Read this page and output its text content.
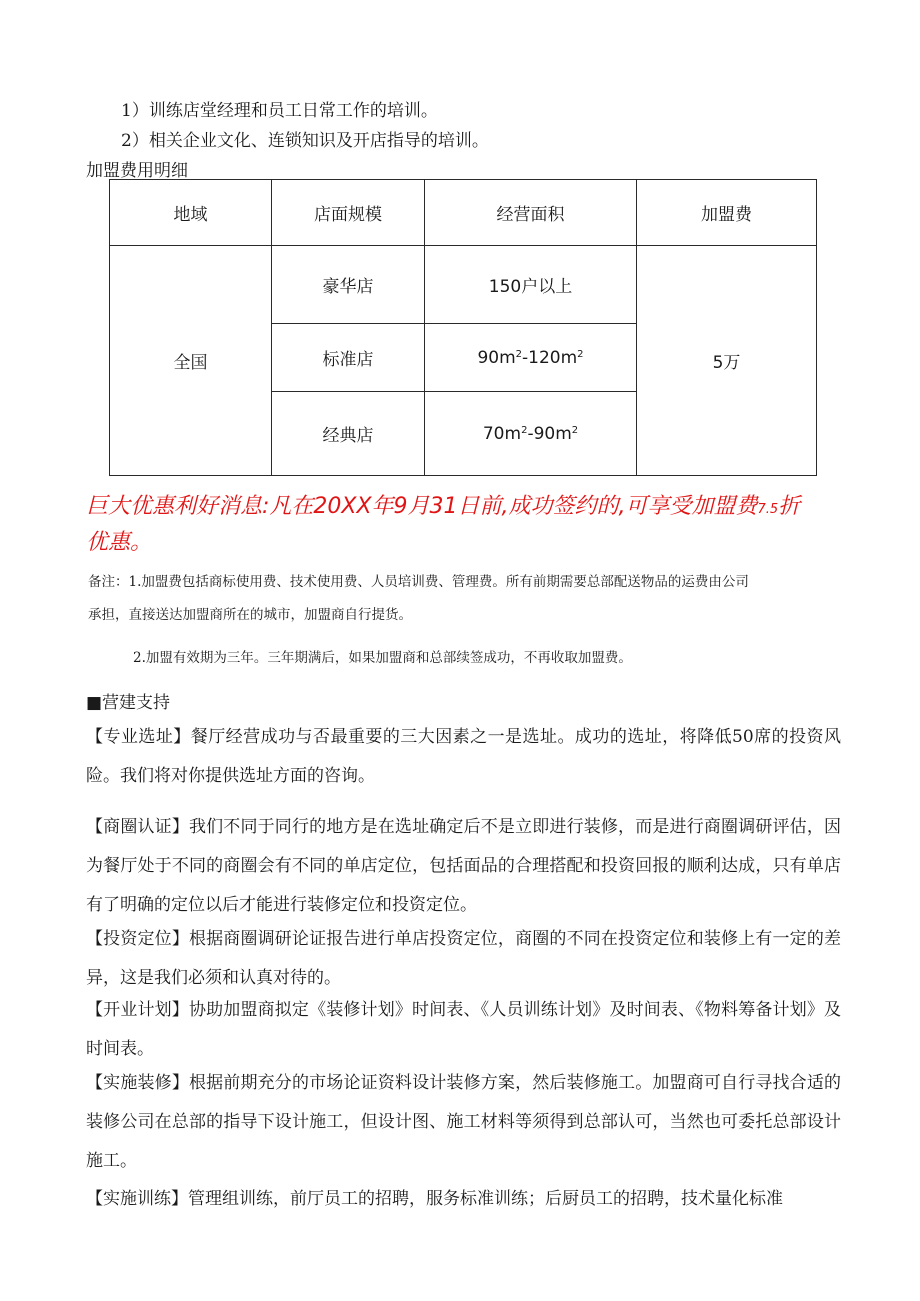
1）训练店堂经理和员工日常工作的培训。
2）相关企业文化、连锁知识及开店指导的培训。
加盟费用明细
地域	店面规模	经营面积	加盟费
全国	豪华店	150户以上	5万
	标准店	$90m^2-120m^2$
	经典店	$70m^2-90m^2$
巨大优惠利好消息:凡在20XX年9月31日前,成功签约的,可享受加盟费7.5折
优惠。
备注：1.加盟费包括商标使用费、技术使用费、人员培训费、管理费。所有前期需要总部配送物品的运费由公司
承担，直接送达加盟商所在的城市，加盟商自行提货。
2.加盟有效期为三年。三年期满后，如果加盟商和总部续签成功，不再收取加盟费。
■营建支持
【专业选址】餐厅经营成功与否最重要的三大因素之一是选址。成功的选址，将降低50席的投资风险。我们将对你提供选址方面的咨询。
【商圈认证】我们不同于同行的地方是在选址确定后不是立即进行装修，而是进行商圈调研评估，因为餐厅处于不同的商圈会有不同的单店定位，包括面品的合理搭配和投资回报的顺利达成，只有单店有了明确的定位以后才能进行装修定位和投资定位。
【投资定位】根据商圈调研论证报告进行单店投资定位，商圈的不同在投资定位和装修上有一定的差异，这是我们必须和认真对待的。
【开业计划】协助加盟商拟定《装修计划》时间表、《人员训练计划》及时间表、《物料筹备计划》及时间表。
【实施装修】根据前期充分的市场论证资料设计装修方案，然后装修施工。加盟商可自行寻找合适的装修公司在总部的指导下设计施工，但设计图、施工材料等须得到总部认可，当然也可委托总部设计施工。
【实施训练】管理组训练，前厅员工的招聘，服务标准训练；后厨员工的招聘，技术量化标准
